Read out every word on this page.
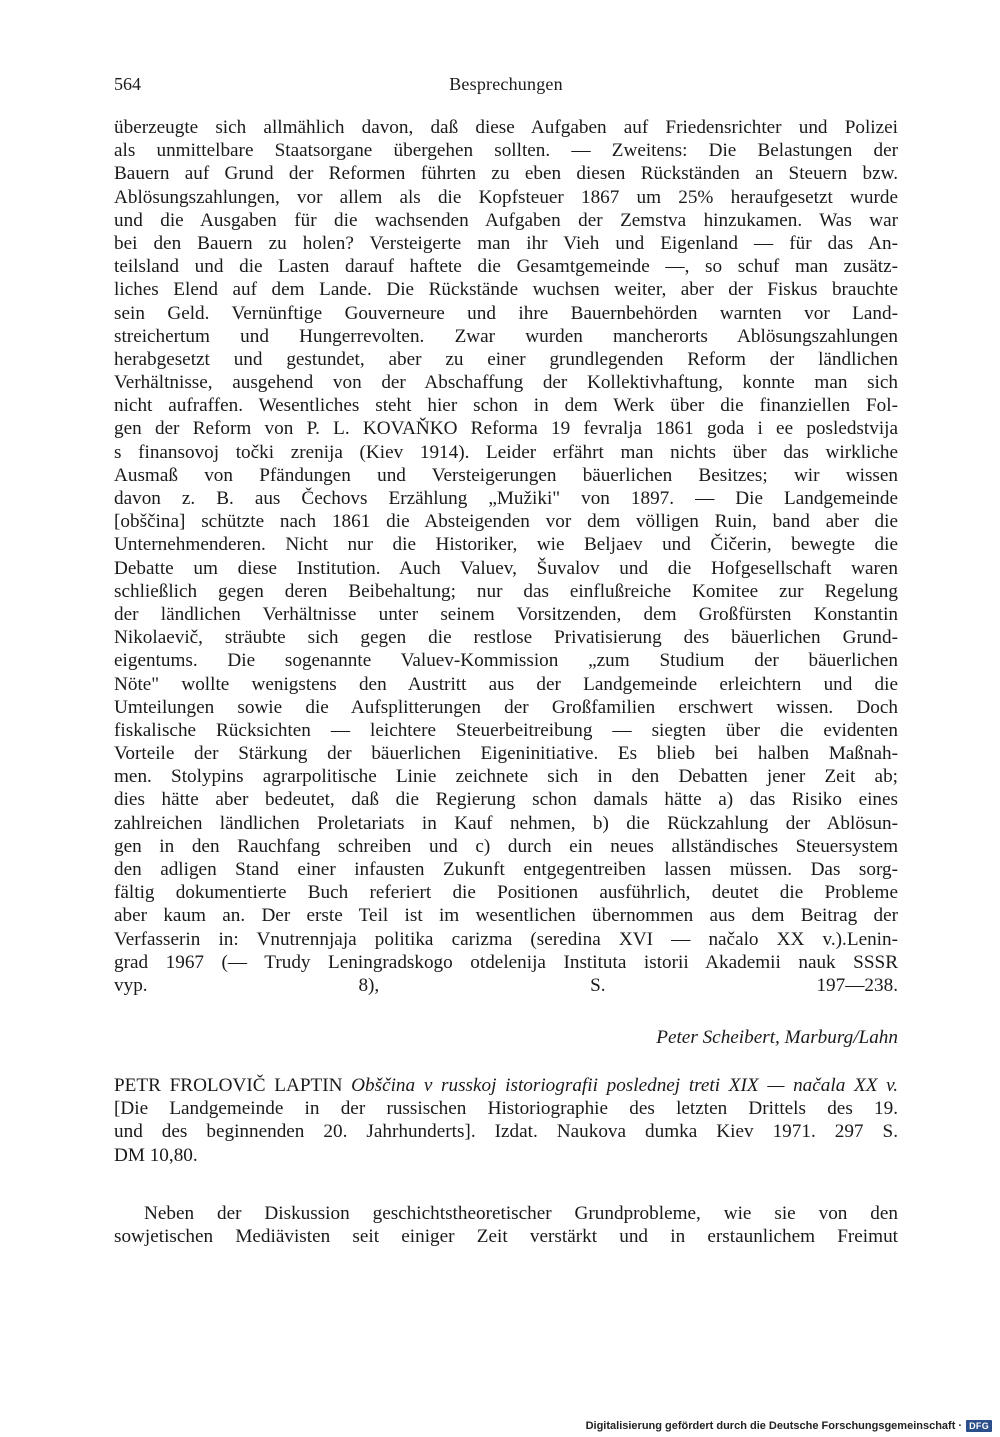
564	Besprechungen
überzeugte sich allmählich davon, daß diese Aufgaben auf Friedensrichter und Polizei
als unmittelbare Staatsorgane übergehen sollten. — Zweitens: Die Belastungen der
Bauern auf Grund der Reformen führten zu eben diesen Rückständen an Steuern bzw.
Ablösungszahlungen, vor allem als die Kopfsteuer 1867 um 25% heraufgesetzt wurde
und die Ausgaben für die wachsenden Aufgaben der Zemstva hinzukamen. Was war
bei den Bauern zu holen? Versteigerte man ihr Vieh und Eigenland — für das An-
teilsland und die Lasten darauf haftete die Gesamtgemeinde —, so schuf man zusätz-
liches Elend auf dem Lande. Die Rückstände wuchsen weiter, aber der Fiskus brauchte
sein Geld. Vernünftige Gouverneure und ihre Bauernbehörden warnten vor Land-
streichertum und Hungerrevolten. Zwar wurden mancherorts Ablösungszahlungen
herabgesetzt und gestundet, aber zu einer grundlegenden Reform der ländlichen
Verhältnisse, ausgehend von der Abschaffung der Kollektivhaftung, konnte man sich
nicht aufraffen. Wesentliches steht hier schon in dem Werk über die finanziellen Fol-
gen der Reform von P. L. KOVAŇKO Reforma 19 fevralja 1861 goda i ee posledstvija
s finansovoj točki zrenija (Kiev 1914). Leider erfährt man nichts über das wirkliche
Ausmaß von Pfändungen und Versteigerungen bäuerlichen Besitzes; wir wissen
davon z. B. aus Čechovs Erzählung „Mužiki" von 1897. — Die Landgemeinde
[obščina] schützte nach 1861 die Absteigenden vor dem völligen Ruin, band aber die
Unternehmenderen. Nicht nur die Historiker, wie Beljaev und Čičerin, bewegte die
Debatte um diese Institution. Auch Valuev, Šuvalov und die Hofgesellschaft waren
schließlich gegen deren Beibehaltung; nur das einflußreiche Komitee zur Regelung
der ländlichen Verhältnisse unter seinem Vorsitzenden, dem Großfürsten Konstantin
Nikolaevič, sträubte sich gegen die restlose Privatisierung des bäuerlichen Grund-
eigentums. Die sogenannte Valuev-Kommission „zum Studium der bäuerlichen
Nöte" wollte wenigstens den Austritt aus der Landgemeinde erleichtern und die
Umteilungen sowie die Aufsplitterungen der Großfamilien erschwert wissen. Doch
fiskalische Rücksichten — leichtere Steuerbeitreibung — siegten über die evidenten
Vorteile der Stärkung der bäuerlichen Eigeninitiative. Es blieb bei halben Maßnah-
men. Stolypins agrarpolitische Linie zeichnete sich in den Debatten jener Zeit ab;
dies hätte aber bedeutet, daß die Regierung schon damals hätte a) das Risiko eines
zahlreichen ländlichen Proletariats in Kauf nehmen, b) die Rückzahlung der Ablösun-
gen in den Rauchfang schreiben und c) durch ein neues allständisches Steuersystem
den adligen Stand einer infausten Zukunft entgegentreiben lassen müssen. Das sorg-
fältig dokumentierte Buch referiert die Positionen ausführlich, deutet die Probleme
aber kaum an. Der erste Teil ist im wesentlichen übernommen aus dem Beitrag der
Verfasserin in: Vnutrennjaja politika carizma (seredina XVI — načalo XX v.).Lenin-
grad 1967 (— Trudy Leningradskogo otdelenija Instituta istorii Akademii nauk SSSR
vyp. 8), S. 197—238.
Peter Scheibert, Marburg/Lahn
PETR FROLOVIČ LAPTIN Obščina v russkoj istoriografii poslednej treti XIX — načala XX v.
[Die Landgemeinde in der russischen Historiographie des letzten Drittels des 19.
und des beginnenden 20. Jahrhunderts]. Izdat. Naukova dumka Kiev 1971. 297 S.
DM 10,80.
Neben der Diskussion geschichtstheoretischer Grundprobleme, wie sie von den
sowjetischen Mediävisten seit einiger Zeit verstärkt und in erstaunlichem Freimut
Digitalisierung gefördert durch die Deutsche Forschungsgemeinschaft · DFG
